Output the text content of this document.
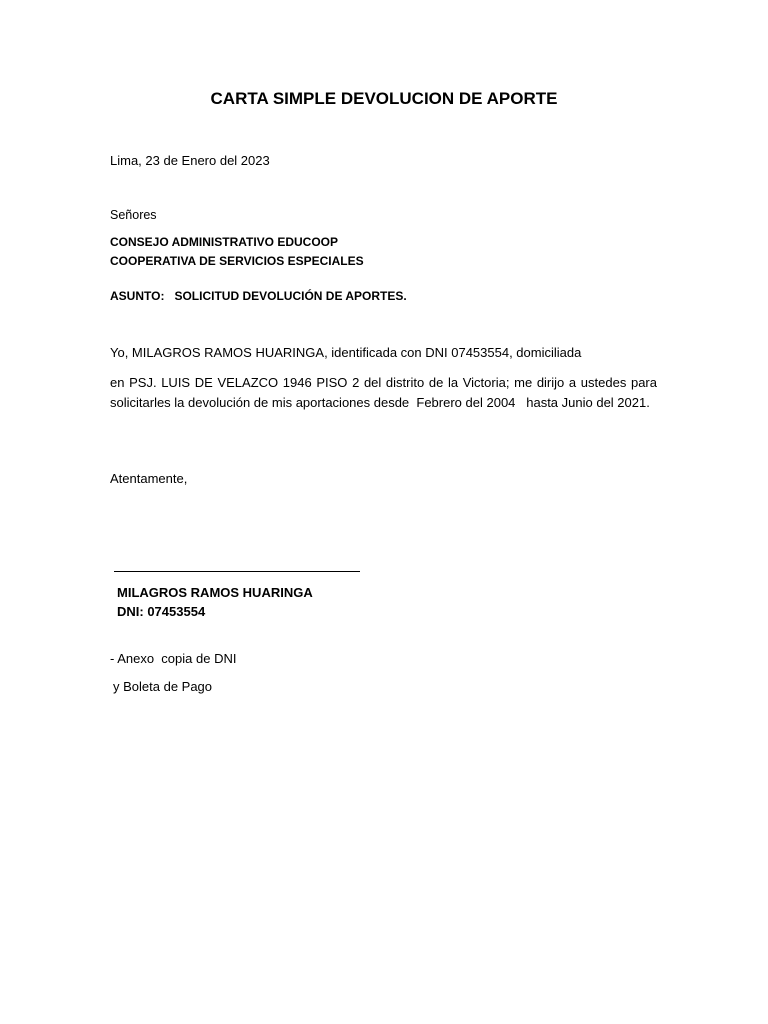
CARTA SIMPLE DEVOLUCION DE APORTE
Lima, 23 de Enero del 2023
Señores
CONSEJO ADMINISTRATIVO EDUCOOP
COOPERATIVA DE SERVICIOS ESPECIALES
ASUNTO:   SOLICITUD DEVOLUCIÓN DE APORTES.
Yo, MILAGROS RAMOS HUARINGA, identificada con DNI 07453554, domiciliada
en PSJ. LUIS DE VELAZCO 1946 PISO 2 del distrito de la Victoria; me dirijo a ustedes para solicitarles la devolución de mis aportaciones desde  Febrero del 2004   hasta Junio del 2021.
Atentamente,
MILAGROS RAMOS HUARINGA
DNI: 07453554
- Anexo  copia de DNI
y Boleta de Pago
